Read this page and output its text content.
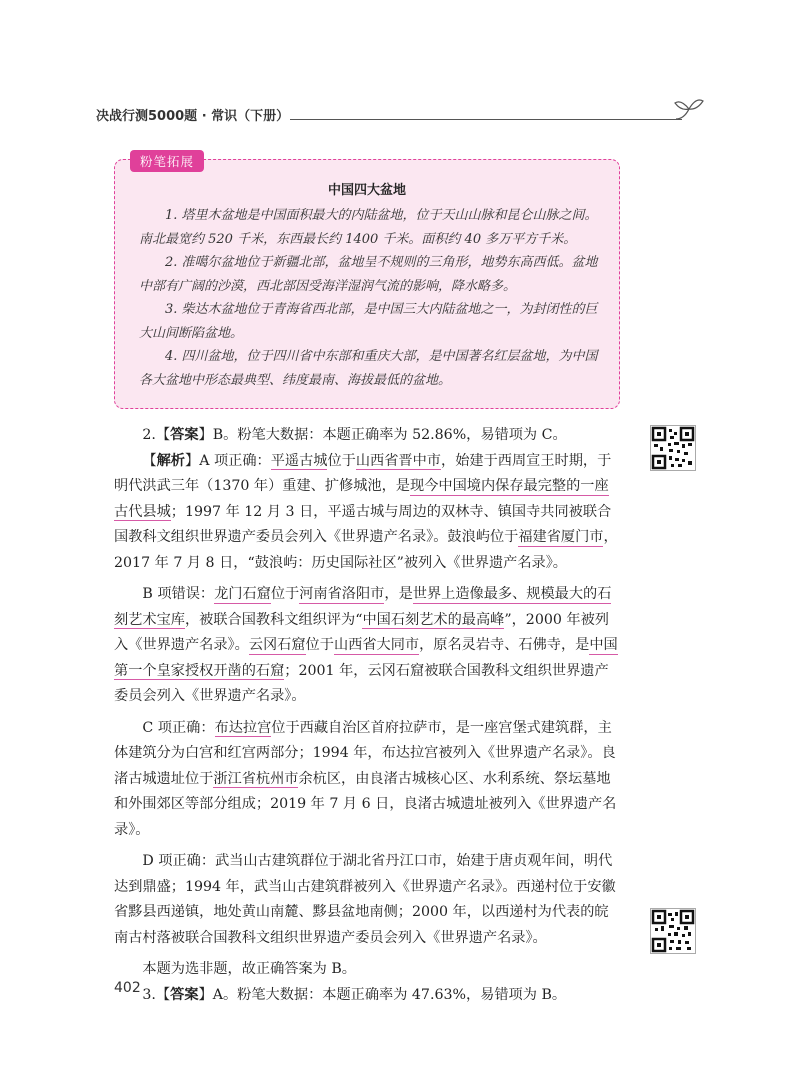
决战行测5000题 · 常识（下册）
粉笔拓展
中国四大盆地

1. 塔里木盆地是中国面积最大的内陆盆地，位于天山山脉和昆仑山脉之间。南北最宽约 520 千米，东西最长约 1400 千米。面积约 40 多万平方千米。

2. 准噶尔盆地位于新疆北部，盆地呈不规则的三角形，地势东高西低。盆地中部有广阔的沙漠，西北部因受海洋湿润气流的影响，降水略多。

3. 柴达木盆地位于青海省西北部，是中国三大内陆盆地之一，为封闭性的巨大山间断陷盆地。

4. 四川盆地，位于四川省中东部和重庆大部，是中国著名红层盆地，为中国各大盆地中形态最典型、纬度最南、海拔最低的盆地。

2.【答案】B。粉笔大数据：本题正确率为 52.86%，易错项为 C。

【解析】A 项正确：平遥古城位于山西省晋中市，始建于西周宣王时期，于明代洪武三年（1370 年）重建、扩修城池，是现今中国境内保存最完整的一座古代县城；1997 年 12 月 3 日，平遥古城与周边的双林寺、镇国寺共同被联合国教科文组织世界遗产委员会列入《世界遗产名录》。鼓浪屿位于福建省厦门市，2017 年 7 月 8 日，“鼓浪屿：历史国际社区”被列入《世界遗产名录》。

B 项错误：龙门石窟位于河南省洛阳市，是世界上造像最多、规模最大的石刻艺术宝库，被联合国教科文组织评为“中国石刻艺术的最高峰”，2000 年被列入《世界遗产名录》。云冈石窟位于山西省大同市，原名灵岩寺、石佛寺，是中国第一个皇家授权开凿的石窟；2001 年，云冈石窟被联合国教科文组织世界遗产委员会列入《世界遗产名录》。

C 项正确：布达拉宫位于西藏自治区首府拉萨市，是一座宫堡式建筑群，主体建筑分为白宫和红宫两部分；1994 年，布达拉宫被列入《世界遗产名录》。良渚古城遗址位于浙江省杭州市余杭区，由良渚古城核心区、水利系统、祭坛墓地和外围郊区等部分组成；2019 年 7 月 6 日，良渚古城遗址被列入《世界遗产名录》。

D 项正确：武当山古建筑群位于湖北省丹江口市，始建于唐贞观年间，明代达到鼎盛；1994 年，武当山古建筑群被列入《世界遗产名录》。西递村位于安徽省黟县西递镇，地处黄山南麓、黟县盆地南侧；2000 年，以西递村为代表的皖南古村落被联合国教科文组织世界遗产委员会列入《世界遗产名录》。

本题为选非题，故正确答案为 B。

3.【答案】A。粉笔大数据：本题正确率为 47.63%，易错项为 B。

402
